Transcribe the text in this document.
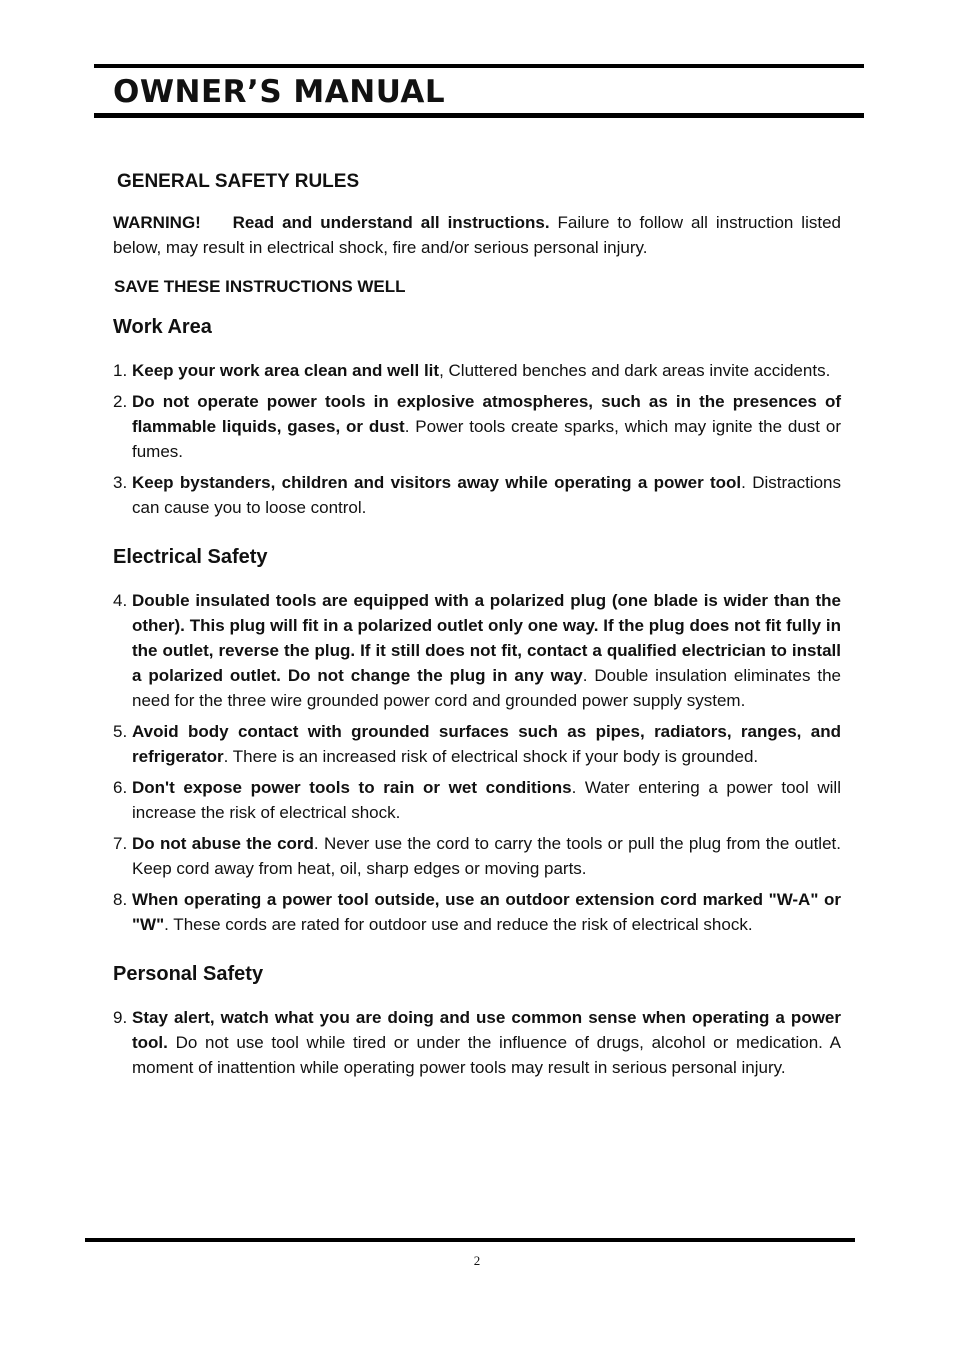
OWNER’S MANUAL
GENERAL SAFETY RULES

WARNING! Read and understand all instructions. Failure to follow all instruction listed below, may result in electrical shock, fire and/or serious personal injury.

SAVE THESE INSTRUCTIONS WELL

Work Area
1. Keep your work area clean and well lit, Cluttered benches and dark areas invite accidents.
2. Do not operate power tools in explosive atmospheres, such as in the presences of flammable liquids, gases, or dust. Power tools create sparks, which may ignite the dust or fumes.
3. Keep bystanders, children and visitors away while operating a power tool. Distractions can cause you to loose control.
Electrical Safety
4. Double insulated tools are equipped with a polarized plug (one blade is wider than the other). This plug will fit in a polarized outlet only one way. If the plug does not fit fully in the outlet, reverse the plug. If it still does not fit, contact a qualified electrician to install a polarized outlet. Do not change the plug in any way. Double insulation eliminates the need for the three wire grounded power cord and grounded power supply system.
5. Avoid body contact with grounded surfaces such as pipes, radiators, ranges, and refrigerator. There is an increased risk of electrical shock if your body is grounded.
6. Don't expose power tools to rain or wet conditions. Water entering a power tool will increase the risk of electrical shock.
7. Do not abuse the cord. Never use the cord to carry the tools or pull the plug from the outlet. Keep cord away from heat, oil, sharp edges or moving parts.
8. When operating a power tool outside, use an outdoor extension cord marked "W-A" or "W". These cords are rated for outdoor use and reduce the risk of electrical shock.
Personal Safety
9. Stay alert, watch what you are doing and use common sense when operating a power tool. Do not use tool while tired or under the influence of drugs, alcohol or medication. A moment of inattention while operating power tools may result in serious personal injury.
2
